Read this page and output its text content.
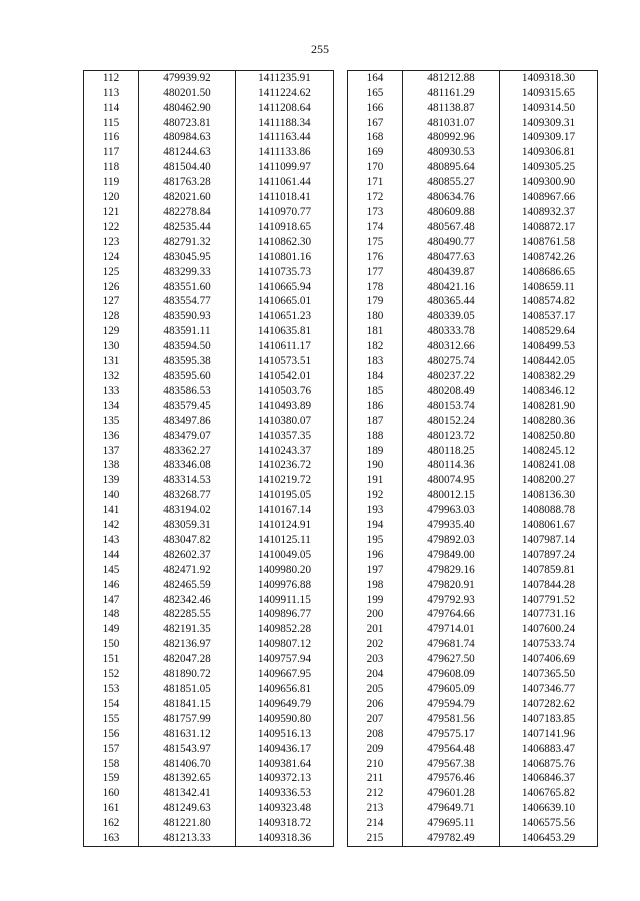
255
112	479939.92	1411235.91
113	480201.50	1411224.62
114	480462.90	1411208.64
115	480723.81	1411188.34
116	480984.63	1411163.44
117	481244.63	1411133.86
118	481504.40	1411099.97
119	481763.28	1411061.44
120	482021.60	1411018.41
121	482278.84	1410970.77
122	482535.44	1410918.65
123	482791.32	1410862.30
124	483045.95	1410801.16
125	483299.33	1410735.73
126	483551.60	1410665.94
127	483554.77	1410665.01
128	483590.93	1410651.23
129	483591.11	1410635.81
130	483594.50	1410611.17
131	483595.38	1410573.51
132	483595.60	1410542.01
133	483586.53	1410503.76
134	483579.45	1410493.89
135	483497.86	1410380.07
136	483479.07	1410357.35
137	483362.27	1410243.37
138	483346.08	1410236.72
139	483314.53	1410219.72
140	483268.77	1410195.05
141	483194.02	1410167.14
142	483059.31	1410124.91
143	483047.82	1410125.11
144	482602.37	1410049.05
145	482471.92	1409980.20
146	482465.59	1409976.88
147	482342.46	1409911.15
148	482285.55	1409896.77
149	482191.35	1409852.28
150	482136.97	1409807.12
151	482047.28	1409757.94
152	481890.72	1409667.95
153	481851.05	1409656.81
154	481841.15	1409649.79
155	481757.99	1409590.80
156	481631.12	1409516.13
157	481543.97	1409436.17
158	481406.70	1409381.64
159	481392.65	1409372.13
160	481342.41	1409336.53
161	481249.63	1409323.48
162	481221.80	1409318.72
163	481213.33	1409318.36
164	481212.88	1409318.30
165	481161.29	1409315.65
166	481138.87	1409314.50
167	481031.07	1409309.31
168	480992.96	1409309.17
169	480930.53	1409306.81
170	480895.64	1409305.25
171	480855.27	1409300.90
172	480634.76	1408967.66
173	480609.88	1408932.37
174	480567.48	1408872.17
175	480490.77	1408761.58
176	480477.63	1408742.26
177	480439.87	1408686.65
178	480421.16	1408659.11
179	480365.44	1408574.82
180	480339.05	1408537.17
181	480333.78	1408529.64
182	480312.66	1408499.53
183	480275.74	1408442.05
184	480237.22	1408382.29
185	480208.49	1408346.12
186	480153.74	1408281.90
187	480152.24	1408280.36
188	480123.72	1408250.80
189	480118.25	1408245.12
190	480114.36	1408241.08
191	480074.95	1408200.27
192	480012.15	1408136.30
193	479963.03	1408088.78
194	479935.40	1408061.67
195	479892.03	1407987.14
196	479849.00	1407897.24
197	479829.16	1407859.81
198	479820.91	1407844.28
199	479792.93	1407791.52
200	479764.66	1407731.16
201	479714.01	1407600.24
202	479681.74	1407533.74
203	479627.50	1407406.69
204	479608.09	1407365.50
205	479605.09	1407346.77
206	479594.79	1407282.62
207	479581.56	1407183.85
208	479575.17	1407141.96
209	479564.48	1406883.47
210	479567.38	1406875.76
211	479576.46	1406846.37
212	479601.28	1406765.82
213	479649.71	1406639.10
214	479695.11	1406575.56
215	479782.49	1406453.29
